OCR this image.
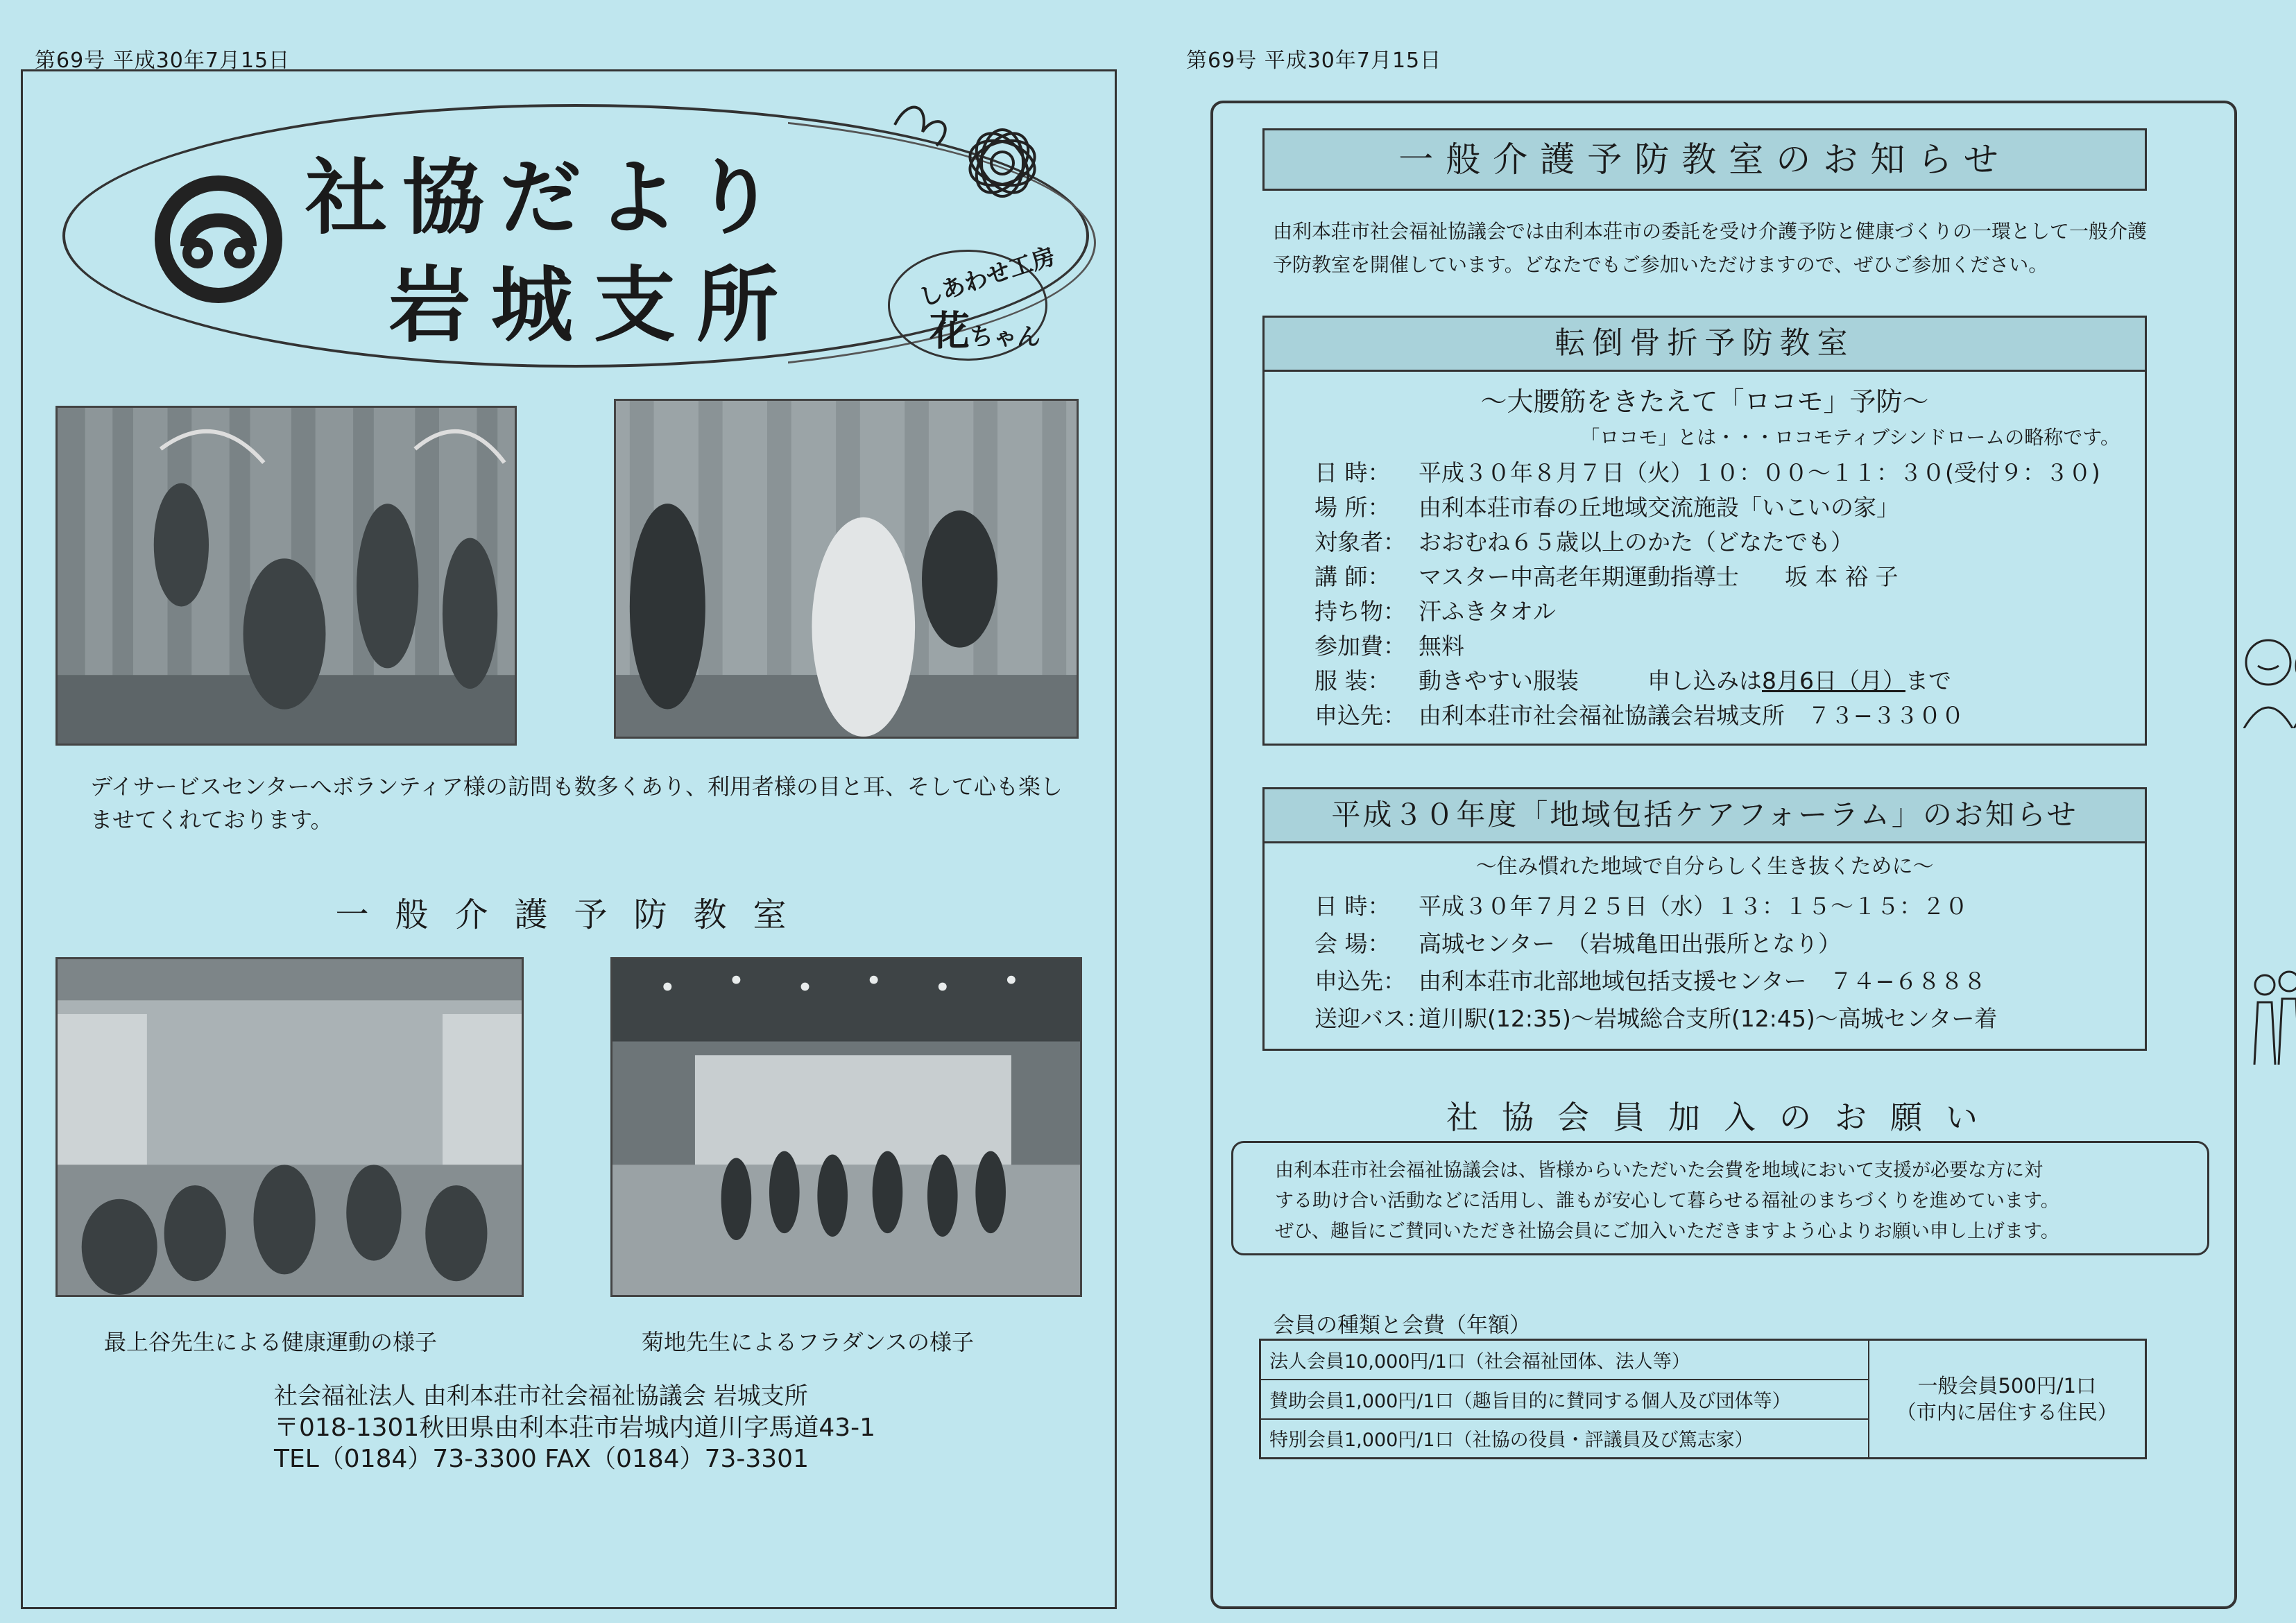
第69号 平成30年7月15日
社協だより
岩城支所	しあわせ工房
花ちゃん
デイサービスセンターへボランティア様の訪問も数多くあり、利用者様の目と耳、そして心も楽しませてくれております。
一般介護予防教室
最上谷先生による健康運動の様子	菊地先生によるフラダンスの様子
社会福祉法人 由利本荘市社会福祉協議会 岩城支所
〒018-1301秋田県由利本荘市岩城内道川字馬道43-1
TEL（0184）73-3300 FAX（0184）73-3301
第69号 平成30年7月15日
一般介護予防教室のお知らせ
由利本荘市社会福祉協議会では由利本荘市の委託を受け介護予防と健康づくりの一環として一般介護予防教室を開催しています。どなたでもご参加いただけますので、ぜひご参加ください。
転倒骨折予防教室
～大腰筋をきたえて「ロコモ」予防～
「ロコモ」とは・・・ロコモティブシンドロームの略称です。
日 時： 平成３０年８月７日（火）１０：００～１１：３０(受付９：３０)
場 所： 由利本荘市春の丘地域交流施設「いこいの家」
対象者： おおむね６５歳以上のかた（どなたでも）
講 師： マスター中高老年期運動指導士　　坂 本 裕 子
持ち物： 汗ふきタオル
参加費： 無料
服 装： 動きやすい服装　　　申し込みは8月6日（月）まで
申込先： 由利本荘市社会福祉協議会岩城支所　７３−３３００
平成３０年度「地域包括ケアフォーラム」のお知らせ
～住み慣れた地域で自分らしく生き抜くために～
日 時： 平成３０年７月２５日（水）１３：１５～１５：２０
会 場： 高城センター　（岩城亀田出張所となり）
申込先： 由利本荘市北部地域包括支援センター　７４−６８８８
送迎バス：道川駅(12:35)～岩城総合支所(12:45)～高城センター着
社協会員加入のお願い
由利本荘市社会福祉協議会は、皆様からいただいた会費を地域において支援が必要な方に対
する助け合い活動などに活用し、誰もが安心して暮らせる福祉のまちづくりを進めています。
ぜひ、趣旨にご賛同いただき社協会員にご加入いただきますよう心よりお願い申し上げます。
会員の種類と会費（年額）
法人会員10,000円/1口（社会福祉団体、法人等）	
一般会員500円/1口
（市内に居住する住民）

賛助会員1,000円/1口（趣旨目的に賛同する個人及び団体等）
特別会員1,000円/1口（社協の役員・評議員及び篤志家）
